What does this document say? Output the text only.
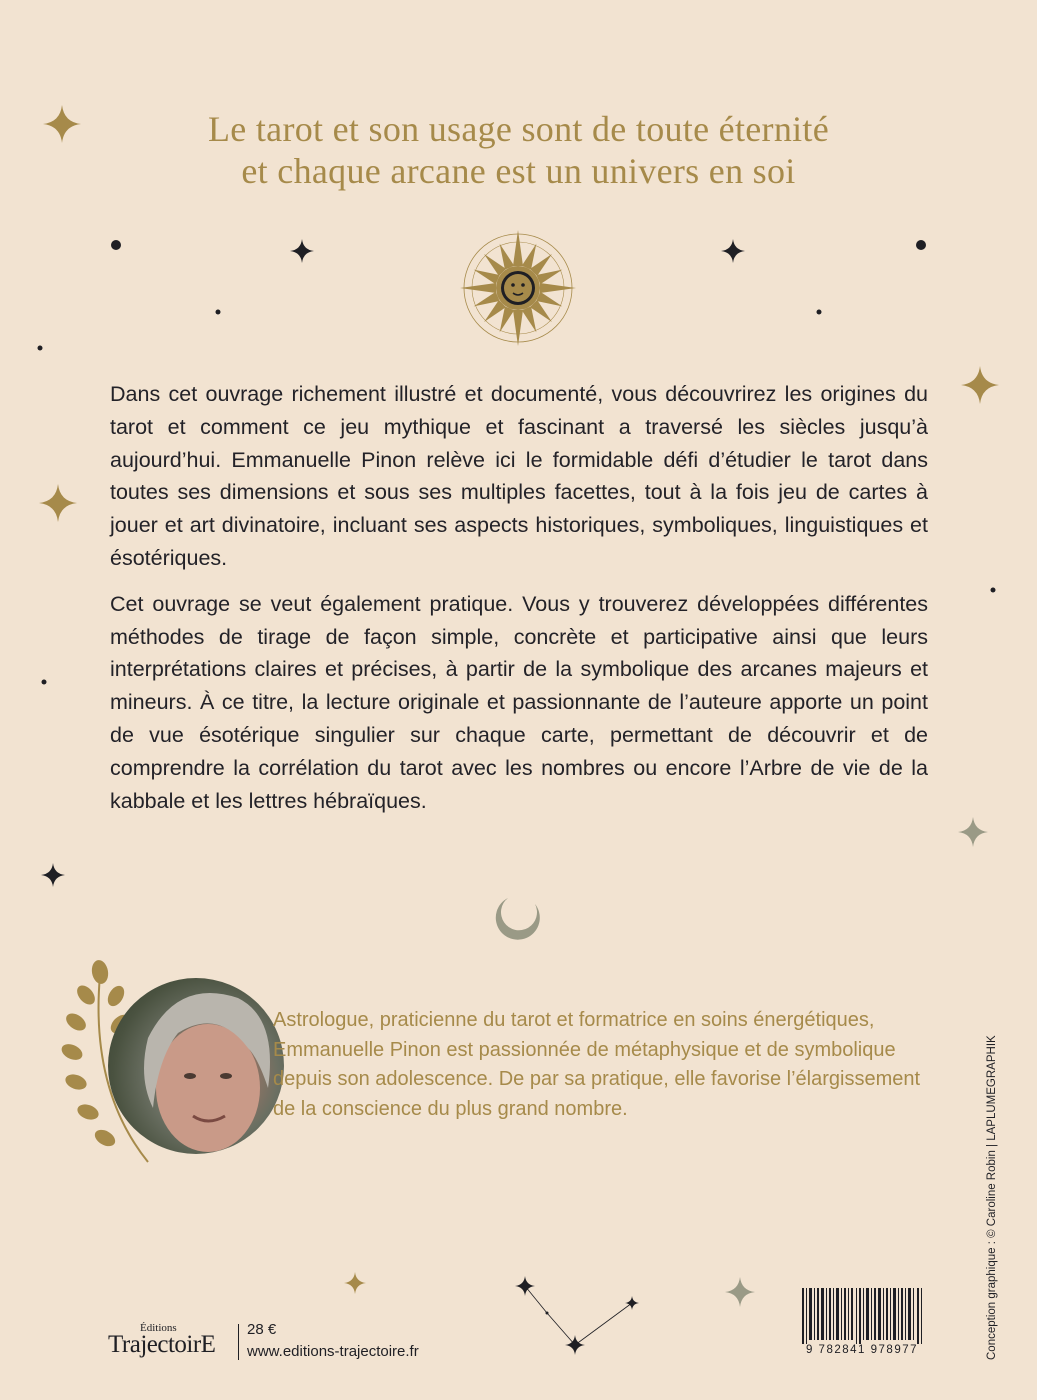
Le tarot et son usage sont de toute éternité
et chaque arcane est un univers en soi

Dans cet ouvrage richement illustré et documenté, vous découvrirez les origines du tarot et comment ce jeu mythique et fascinant a traversé les siècles jusqu’à aujourd’hui. Emmanuelle Pinon relève ici le formidable défi d’étudier le tarot dans toutes ses dimensions et sous ses multiples facettes, tout à la fois jeu de cartes à jouer et art divinatoire, incluant ses aspects historiques, symboliques, linguistiques et ésotériques.

Cet ouvrage se veut également pratique. Vous y trouverez développées différentes méthodes de tirage de façon simple, concrète et participative ainsi que leurs interprétations claires et précises, à partir de la symbolique des arcanes majeurs et mineurs. À ce titre, la lecture originale et passionnante de l’auteure apporte un point de vue ésotérique singulier sur chaque carte, permettant de découvrir et de comprendre la corrélation du tarot avec les nombres ou encore l’Arbre de vie de la kabbale et les lettres hébraïques.

Astrologue, praticienne du tarot et formatrice en soins énergétiques, Emmanuelle Pinon est passionnée de métaphysique et de symbolique depuis son adolescence. De par sa pratique, elle favorise l’élargissement de la conscience du plus grand nombre.

Éditions
TrajectoirE
28 €
www.editions-trajectoire.fr	9 782841 978977	Conception graphique : © Caroline Robin | LAPLUMEGRAPHIK
